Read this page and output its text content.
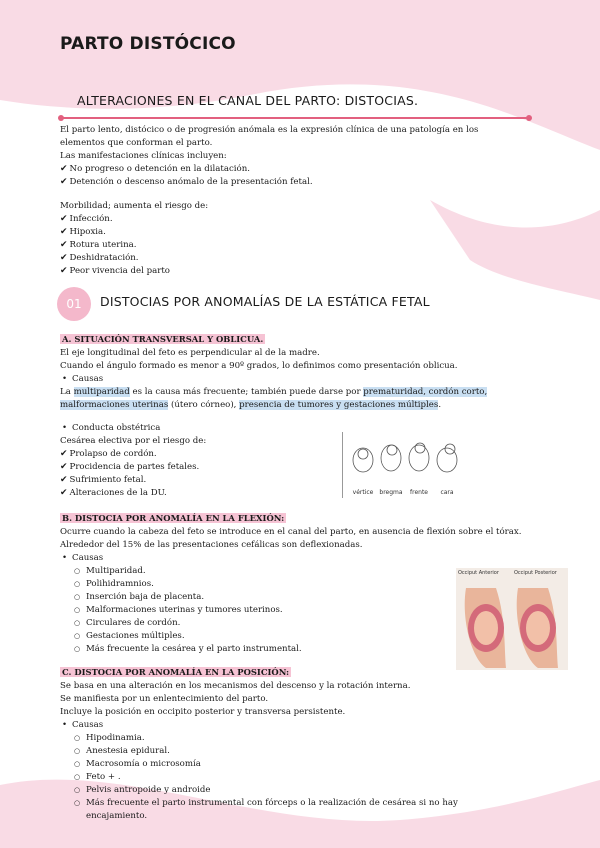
PARTO DISTÓCICO
ALTERACIONES EN EL CANAL DEL PARTO: DISTOCIAS.

El parto lento, distócico o de progresión anómala es la expresión clínica de una patología en los

elementos que conforman el parto.

Las manifestaciones clínicas incluyen:

✔ No progreso o detención en la dilatación.

✔ Detención o descenso anómalo de la presentación fetal.

Morbilidad; aumenta el riesgo de:

✔ Infección.

✔ Hipoxia.

✔ Rotura uterina.

✔ Deshidratación.

✔ Peor vivencia del parto

01	DISTOCIAS POR ANOMALÍAS DE LA ESTÁTICA FETAL

A. SITUACIÓN TRANSVERSAL Y OBLICUA.

El eje longitudinal del feto es perpendicular al de la madre.

Cuando el ángulo formado es menor a 90º grados, lo definimos como presentación oblicua.

• Causas

La multiparidad es la causa más frecuente; también puede darse por prematuridad, cordón corto,

malformaciones uterinas (útero córneo), presencia de tumores y gestaciones múltiples.

• Conducta obstétrica

Cesárea electiva por el riesgo de:

✔ Prolapso de cordón.

✔ Procidencia de partes fetales.

✔ Sufrimiento fetal.

✔ Alteraciones de la DU.	vértice	bregma	frente	cara

B. DISTOCIA POR ANOMALÍA EN LA FLEXIÓN:

Ocurre cuando la cabeza del feto se introduce en el canal del parto, en ausencia de flexión sobre el tórax.

Alrededor del 15% de las presentaciones cefálicas son deflexionadas.

• Causas

○ Multiparidad.

○ Polihidramnios.

○ Inserción baja de placenta.

○ Malformaciones uterinas y tumores uterinos.

○ Circulares de cordón.

○ Gestaciones múltiples.

○ Más frecuente la cesárea y el parto instrumental.

Occiput Anterior	Occiput Posterior

C. DISTOCIA POR ANOMALÍA EN LA POSICIÓN:

Se basa en una alteración en los mecanismos del descenso y la rotación interna.

Se manifiesta por un enlentecimiento del parto.

Incluye la posición en occipito posterior y transversa persistente.

• Causas

○ Hipodinamia.

○ Anestesia epidural.

○ Macrosomía o microsomía

○ Feto + .

○ Pelvis antropoide y androide

○ Más frecuente el parto instrumental con fórceps o la realización de cesárea si no hay

encajamiento.
